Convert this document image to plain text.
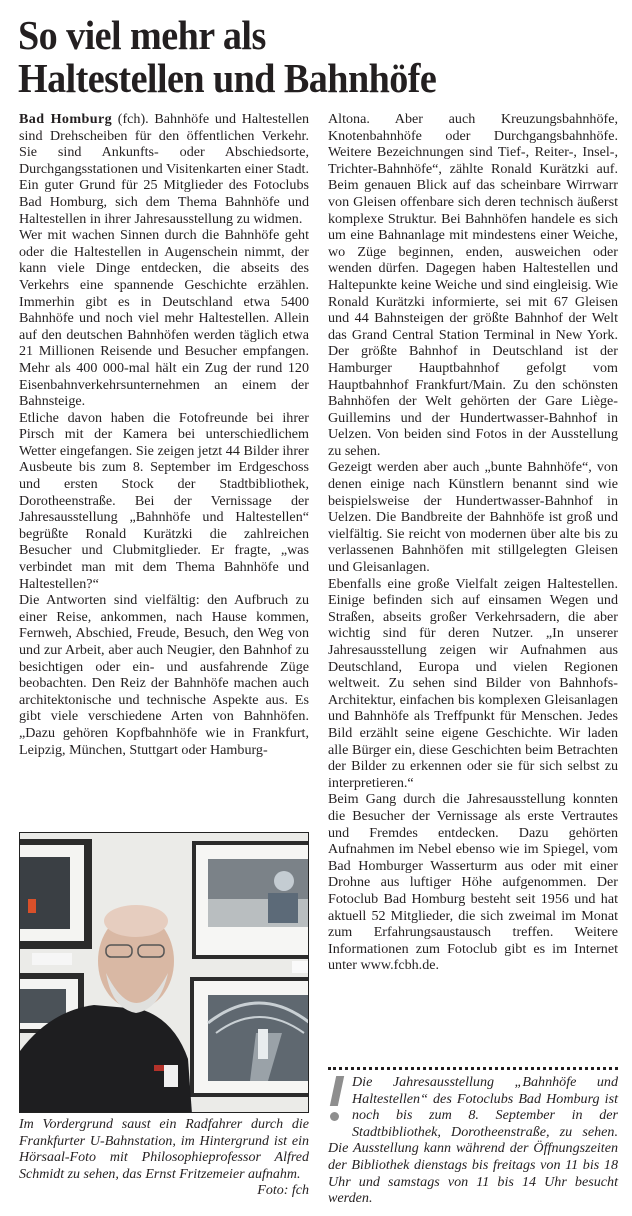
So viel mehr als
Haltestellen und Bahnhöfe

Bad Homburg (fch). Bahnhöfe und Haltestellen sind Drehscheiben für den öffentlichen Verkehr. Sie sind Ankunfts- oder Abschiedsorte, Durchgangsstationen und Visitenkarten einer Stadt. Ein guter Grund für 25 Mitglieder des Fotoclubs Bad Homburg, sich dem Thema Bahnhöfe und Haltestellen in ihrer Jahresausstellung zu widmen.

Wer mit wachen Sinnen durch die Bahnhöfe geht oder die Haltestellen in Augenschein nimmt, der kann viele Dinge entdecken, die abseits des Verkehrs eine spannende Geschichte erzählen. Immerhin gibt es in Deutschland etwa 5400 Bahnhöfe und noch viel mehr Haltestellen. Allein auf den deutschen Bahnhöfen werden täglich etwa 21 Millionen Reisende und Besucher empfangen. Mehr als 400 000-mal hält ein Zug der rund 120 Eisenbahnverkehrsunternehmen an einem der Bahnsteige.

Etliche davon haben die Fotofreunde bei ihrer Pirsch mit der Kamera bei unterschiedlichem Wetter eingefangen. Sie zeigen jetzt 44 Bilder ihrer Ausbeute bis zum 8. September im Erdgeschoss und ersten Stock der Stadtbibliothek, Dorotheenstraße. Bei der Vernissage der Jahresausstellung „Bahnhöfe und Haltestellen“ begrüßte Ronald Kurätzki die zahlreichen Besucher und Clubmitglieder. Er fragte, „was verbindet man mit dem Thema Bahnhöfe und Haltestellen?“

Die Antworten sind vielfältig: den Aufbruch zu einer Reise, ankommen, nach Hause kommen, Fernweh, Abschied, Freude, Besuch, den Weg von und zur Arbeit, aber auch Neugier, den Bahnhof zu besichtigen oder ein- und ausfahrende Züge beobachten. Den Reiz der Bahnhöfe machen auch architektonische und technische Aspekte aus. Es gibt viele verschiedene Arten von Bahnhöfen. „Dazu gehören Kopfbahnhöfe wie in Frankfurt, Leipzig, München, Stuttgart oder Hamburg-

Im Vordergrund saust ein Radfahrer durch die Frankfurter U-Bahnstation, im Hintergrund ist ein Hörsaal-Foto mit Philosophieprofessor Alfred Schmidt zu sehen, das Ernst Fritzemeier aufnahm.
Foto: fch

Altona. Aber auch Kreuzungsbahnhöfe, Knotenbahnhöfe oder Durchgangsbahnhöfe. Weitere Bezeichnungen sind Tief-, Reiter-, Insel-, Trichter-Bahnhöfe“, zählte Ronald Kurätzki auf. Beim genauen Blick auf das scheinbare Wirrwarr von Gleisen offenbare sich deren technisch äußerst komplexe Struktur. Bei Bahnhöfen handele es sich um eine Bahnanlage mit mindestens einer Weiche, wo Züge beginnen, enden, ausweichen oder wenden dürfen. Dagegen haben Haltestellen und Haltepunkte keine Weiche und sind eingleisig. Wie Ronald Kurätzki informierte, sei mit 67 Gleisen und 44 Bahnsteigen der größte Bahnhof der Welt das Grand Central Station Terminal in New York. Der größte Bahnhof in Deutschland ist der Hamburger Hauptbahnhof gefolgt vom Hauptbahnhof Frankfurt/Main. Zu den schönsten Bahnhöfen der Welt gehörten der Gare Liège-Guillemins und der Hundertwasser-Bahnhof in Uelzen. Von beiden sind Fotos in der Ausstellung zu sehen.

Gezeigt werden aber auch „bunte Bahnhöfe“, von denen einige nach Künstlern benannt sind wie beispielsweise der Hundertwasser-Bahnhof in Uelzen. Die Bandbreite der Bahnhöfe ist groß und vielfältig. Sie reicht von modernen über alte bis zu verlassenen Bahnhöfen mit stillgelegten Gleisen und Gleisanlagen.

Ebenfalls eine große Vielfalt zeigen Haltestellen. Einige befinden sich auf einsamen Wegen und Straßen, abseits großer Verkehrsadern, die aber wichtig sind für deren Nutzer. „In unserer Jahresausstellung zeigen wir Aufnahmen aus Deutschland, Europa und vielen Regionen weltweit. Zu sehen sind Bilder von Bahnhofs-Architektur, einfachen bis komplexen Gleisanlagen und Bahnhöfe als Treffpunkt für Menschen. Jedes Bild erzählt seine eigene Geschichte. Wir laden alle Bürger ein, diese Geschichten beim Betrachten der Bilder zu erkennen oder sie für sich selbst zu interpretieren.“

Beim Gang durch die Jahresausstellung konnten die Besucher der Vernissage als erste Vertrautes und Fremdes entdecken. Dazu gehörten Aufnahmen im Nebel ebenso wie im Spiegel, vom Bad Homburger Wasserturm aus oder mit einer Drohne aus luftiger Höhe aufgenommen. Der Fotoclub Bad Homburg besteht seit 1956 und hat aktuell 52 Mitglieder, die sich zweimal im Monat zum Erfahrungsaustausch treffen. Weitere Informationen zum Fotoclub gibt es im Internet unter www.fcbh.de.

Die Jahresausstellung „Bahnhöfe und Haltestellen“ des Fotoclubs Bad Homburg ist noch bis zum 8. September in der Stadtbibliothek, Dorotheenstraße, zu sehen. Die Ausstellung kann während der Öffnungszeiten der Bibliothek dienstags bis freitags von 11 bis 18 Uhr und samstags von 11 bis 14 Uhr besucht werden.
